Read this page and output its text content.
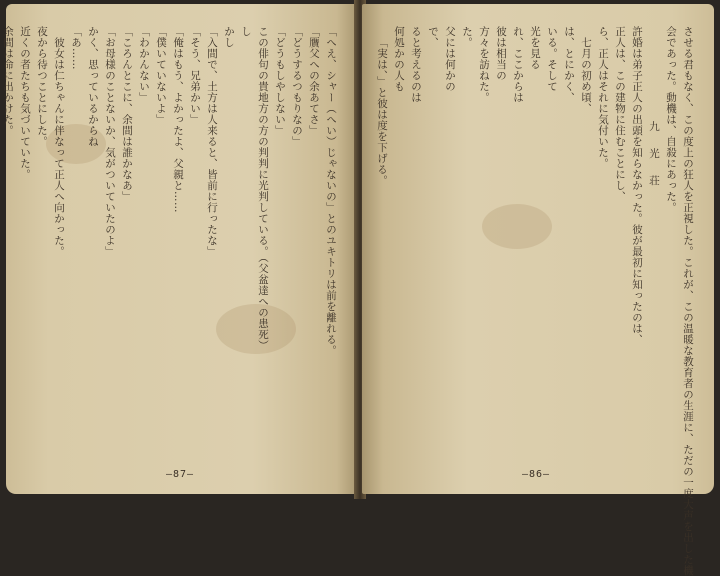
「へえ、シャー（へい）じゃないの」とのユキトリは前を離れる。
「贋父への余あてさ」
「どうするつもりなの」
「どうもしやしない」
この俳句の貴地方の方の判判に光判している。（父盆達への患死）
し
かし
「入間で、土方は人来ると、皆前に行ったな」
「そう、兄弟かい」
「俺はもう、よかったよ、父親と……
「僕いていないよ」
「わかんない」
「ころんとこに、余間は誰かなあ」
「お母様のことないか、気がついていたのよ」
かく、思っているからね
「あ……
彼女は仁ちゃんに伴なって正人へ向かった。
夜から待つことにした。
近くの者たちも気づいていた。
余間は命に出かけた。
—87—	させる君もなく、この度上の狂人を正視した。これが、この温暖な教育者の生涯に、ただの一度大声を出した機
会であった。動機は、自殺にあった。
九　光　荘
許婚は弟子正人の出頭を知らなかった。彼が最初に知ったのは、
正人は、この建物に住むことにし、
ら、正人はそれに気付いた。
七月の初め頃、
は、とにかく、
いる。そして
光を見る
れ、ここからは
彼は相当の
方々を訪ねた。
た。
父には何かの
で、
ると考えるのは
何処かの人も
「実は、」と彼は度を下げる。
—86—
